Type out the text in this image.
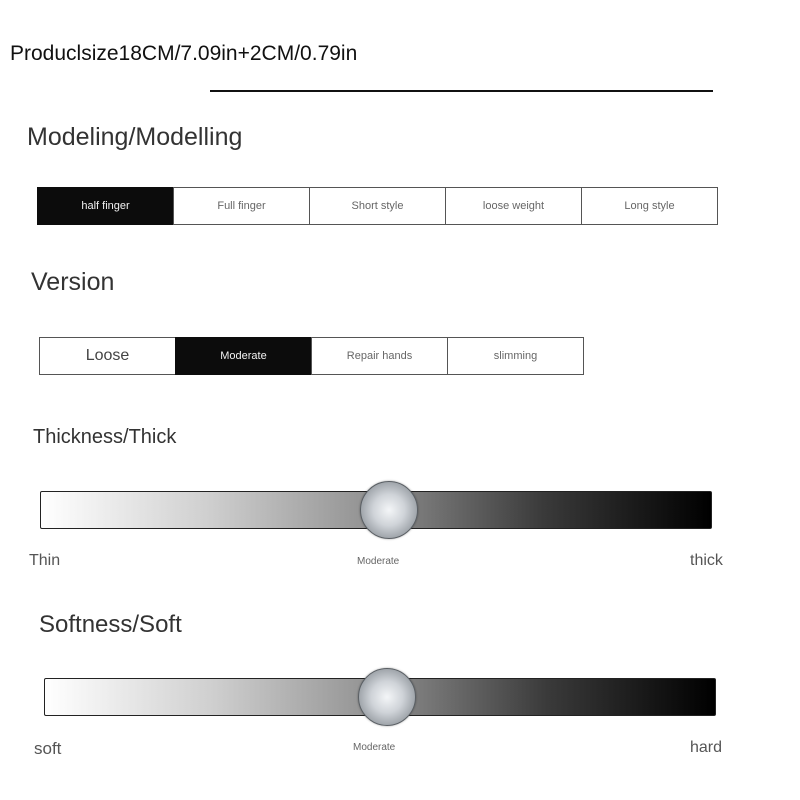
Produclsize18CM/7.09in+2CM/0.79in
Modeling/Modelling
half finger	Full finger	Short style	loose weight	Long style
Version
Loose	Moderate	Repair hands	slimming
Thickness/Thick
Thin	Moderate	thick
Softness/Soft
soft	Moderate	hard
